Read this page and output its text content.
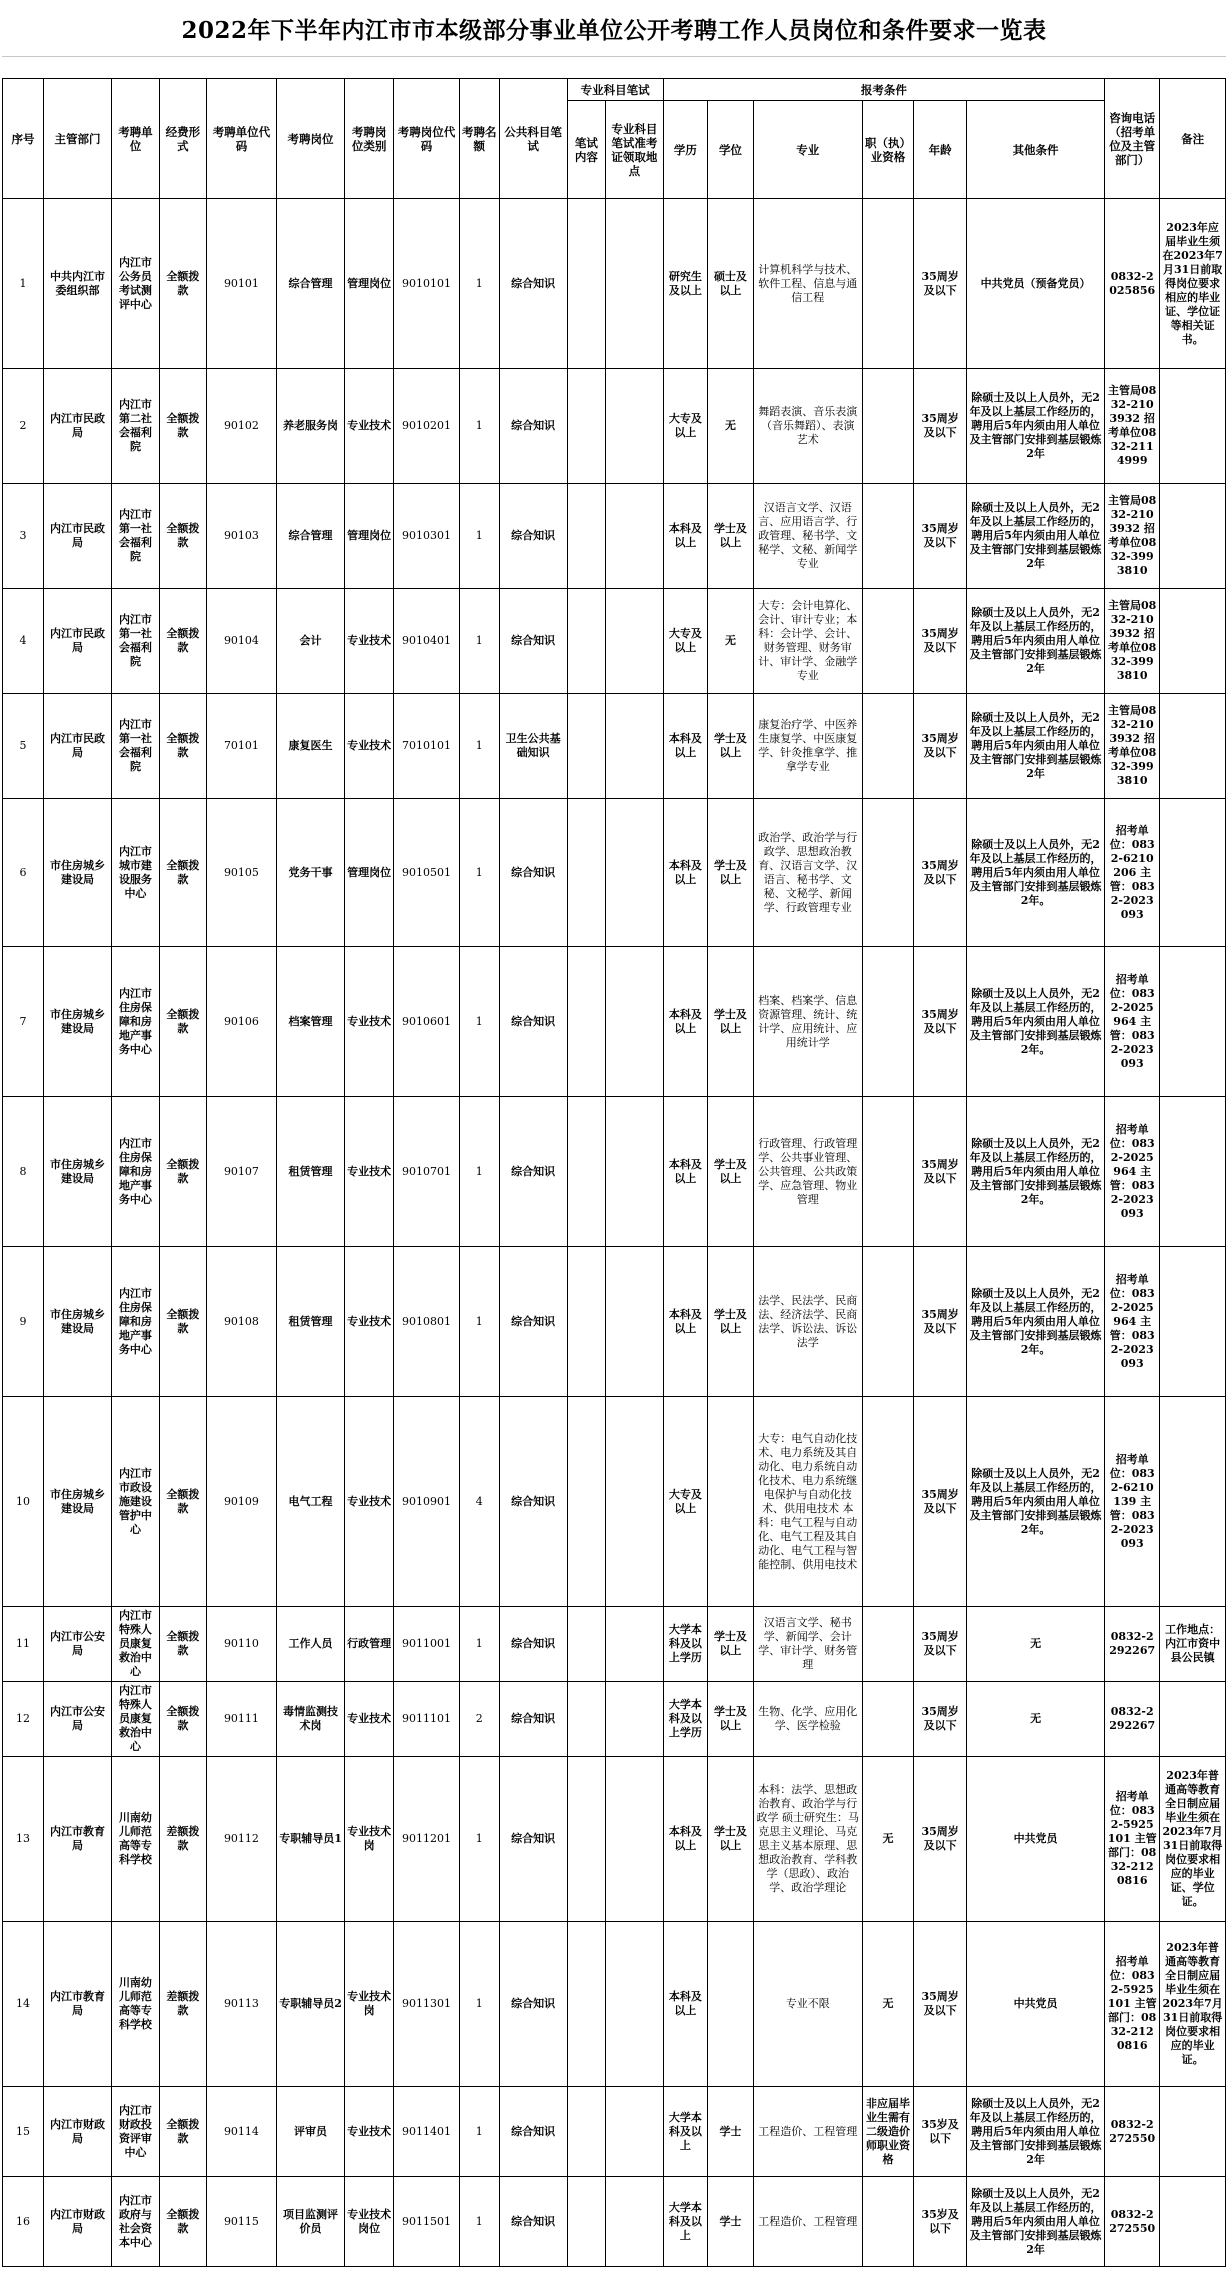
2022年下半年内江市市本级部分事业单位公开考聘工作人员岗位和条件要求一览表
序号	主管部门	考聘单位	经费形式	考聘单位代码	考聘岗位	考聘岗位类别	考聘岗位代码	考聘名额	公共科目笔试	专业科目笔试		报考条件						咨询电话（招考单位及主管部门）	备注
										笔试内容	专业科目笔试准考证领取地点	学历	学位	专业	职（执）业资格	年龄	其他条件		
1	中共内江市委组织部	内江市公务员考试测评中心	全额拨款	90101	综合管理	管理岗位	9010101	1	综合知识			研究生及以上	硕士及以上	计算机科学与技术、软件工程、信息与通信工程		35周岁及以下	中共党员（预备党员）	0832-2025856	2023年应届毕业生须在2023年7月31日前取得岗位要求相应的毕业证、学位证等相关证书。
2	内江市民政局	内江市第二社会福利院	全额拨款	90102	养老服务岗	专业技术	9010201	1	综合知识			大专及以上	无	舞蹈表演、音乐表演（音乐舞蹈）、表演艺术		35周岁及以下	除硕士及以上人员外，无2年及以上基层工作经历的，聘用后5年内须由用人单位及主管部门安排到基层锻炼2年	主管局0832-2103932 招考单位0832-2114999	
3	内江市民政局	内江市第一社会福利院	全额拨款	90103	综合管理	管理岗位	9010301	1	综合知识			本科及以上	学士及以上	汉语言文学、汉语言、应用语言学、行政管理、秘书学、文秘学、文秘、新闻学专业		35周岁及以下	除硕士及以上人员外，无2年及以上基层工作经历的，聘用后5年内须由用人单位及主管部门安排到基层锻炼2年	主管局0832-2103932 招考单位0832-3993810	
4	内江市民政局	内江市第一社会福利院	全额拨款	90104	会计	专业技术	9010401	1	综合知识			大专及以上	无	大专：会计电算化、会计、审计专业；本科：会计学、会计、财务管理、财务审计、审计学、金融学专业		35周岁及以下	除硕士及以上人员外，无2年及以上基层工作经历的，聘用后5年内须由用人单位及主管部门安排到基层锻炼2年	主管局0832-2103932 招考单位0832-3993810	
5	内江市民政局	内江市第一社会福利院	全额拨款	70101	康复医生	专业技术	7010101	1	卫生公共基础知识			本科及以上	学士及以上	康复治疗学、中医养生康复学、中医康复学、针灸推拿学、推拿学专业		35周岁及以下	除硕士及以上人员外，无2年及以上基层工作经历的，聘用后5年内须由用人单位及主管部门安排到基层锻炼2年	主管局0832-2103932 招考单位0832-3993810	
6	市住房城乡建设局	内江市城市建设服务中心	全额拨款	90105	党务干事	管理岗位	9010501	1	综合知识			本科及以上	学士及以上	政治学、政治学与行政学、思想政治教育、汉语言文学、汉语言、秘书学、文秘、文秘学、新闻学、行政管理专业		35周岁及以下	除硕士及以上人员外，无2年及以上基层工作经历的，聘用后5年内须由用人单位及主管部门安排到基层锻炼2年。	招考单位：0832-6210206 主管：0832-2023093	
7	市住房城乡建设局	内江市住房保障和房地产事务中心	全额拨款	90106	档案管理	专业技术	9010601	1	综合知识			本科及以上	学士及以上	档案、档案学、信息资源管理、统计、统计学、应用统计、应用统计学		35周岁及以下	除硕士及以上人员外，无2年及以上基层工作经历的，聘用后5年内须由用人单位及主管部门安排到基层锻炼2年。	招考单位：0832-2025964 主管：0832-2023093	
8	市住房城乡建设局	内江市住房保障和房地产事务中心	全额拨款	90107	租赁管理	专业技术	9010701	1	综合知识			本科及以上	学士及以上	行政管理、行政管理学、公共事业管理、公共管理、公共政策学、应急管理、物业管理		35周岁及以下	除硕士及以上人员外，无2年及以上基层工作经历的，聘用后5年内须由用人单位及主管部门安排到基层锻炼2年。	招考单位：0832-2025964 主管：0832-2023093	
9	市住房城乡建设局	内江市住房保障和房地产事务中心	全额拨款	90108	租赁管理	专业技术	9010801	1	综合知识			本科及以上	学士及以上	法学、民法学、民商法、经济法学、民商法学、诉讼法、诉讼法学		35周岁及以下	除硕士及以上人员外，无2年及以上基层工作经历的，聘用后5年内须由用人单位及主管部门安排到基层锻炼2年。	招考单位：0832-2025964 主管：0832-2023093	
10	市住房城乡建设局	内江市市政设施建设管护中心	全额拨款	90109	电气工程	专业技术	9010901	4	综合知识			大专及以上		大专：电气自动化技术、电力系统及其自动化、电力系统自动化技术、电力系统继电保护与自动化技术、供用电技术 本科：电气工程与自动化、电气工程及其自动化、电气工程与智能控制、供用电技术		35周岁及以下	除硕士及以上人员外，无2年及以上基层工作经历的，聘用后5年内须由用人单位及主管部门安排到基层锻炼2年。	招考单位：0832-6210139 主管：0832-2023093	
11	内江市公安局	内江市特殊人员康复救治中心	全额拨款	90110	工作人员	行政管理	9011001	1	综合知识			大学本科及以上学历	学士及以上	汉语言文学、秘书学、新闻学、会计学、审计学、财务管理		35周岁及以下	无	0832-2292267	工作地点：内江市资中县公民镇
12	内江市公安局	内江市特殊人员康复救治中心	全额拨款	90111	毒情监测技术岗	专业技术	9011101	2	综合知识			大学本科及以上学历	学士及以上	生物、化学、应用化学、医学检验		35周岁及以下	无	0832-2292267	
13	内江市教育局	川南幼儿师范高等专科学校	差额拨款	90112	专职辅导员1	专业技术岗	9011201	1	综合知识			本科及以上	学士及以上	本科：法学、思想政治教育、政治学与行政学 硕士研究生：马克思主义理论、马克思主义基本原理、思想政治教育、学科教学（思政）、政治学、政治学理论	无	35周岁及以下	中共党员	招考单位：0832-5925101 主管部门：0832-2120816	2023年普通高等教育全日制应届毕业生须在2023年7月31日前取得岗位要求相应的毕业证、学位证。
14	内江市教育局	川南幼儿师范高等专科学校	差额拨款	90113	专职辅导员2	专业技术岗	9011301	1	综合知识			本科及以上		专业不限	无	35周岁及以下	中共党员	招考单位：0832-5925101 主管部门：0832-2120816	2023年普通高等教育全日制应届毕业生须在2023年7月31日前取得岗位要求相应的毕业证。
15	内江市财政局	内江市财政投资评审中心	全额拨款	90114	评审员	专业技术	9011401	1	综合知识			大学本科及以上	学士	工程造价、工程管理	非应届毕业生需有二级造价师职业资格	35岁及以下	除硕士及以上人员外，无2年及以上基层工作经历的，聘用后5年内须由用人单位及主管部门安排到基层锻炼2年	0832-2272550	
16	内江市财政局	内江市政府与社会资本中心	全额拨款	90115	项目监测评价员	专业技术岗位	9011501	1	综合知识			大学本科及以上	学士	工程造价、工程管理		35岁及以下	除硕士及以上人员外，无2年及以上基层工作经历的，聘用后5年内须由用人单位及主管部门安排到基层锻炼2年	0832-2272550	
